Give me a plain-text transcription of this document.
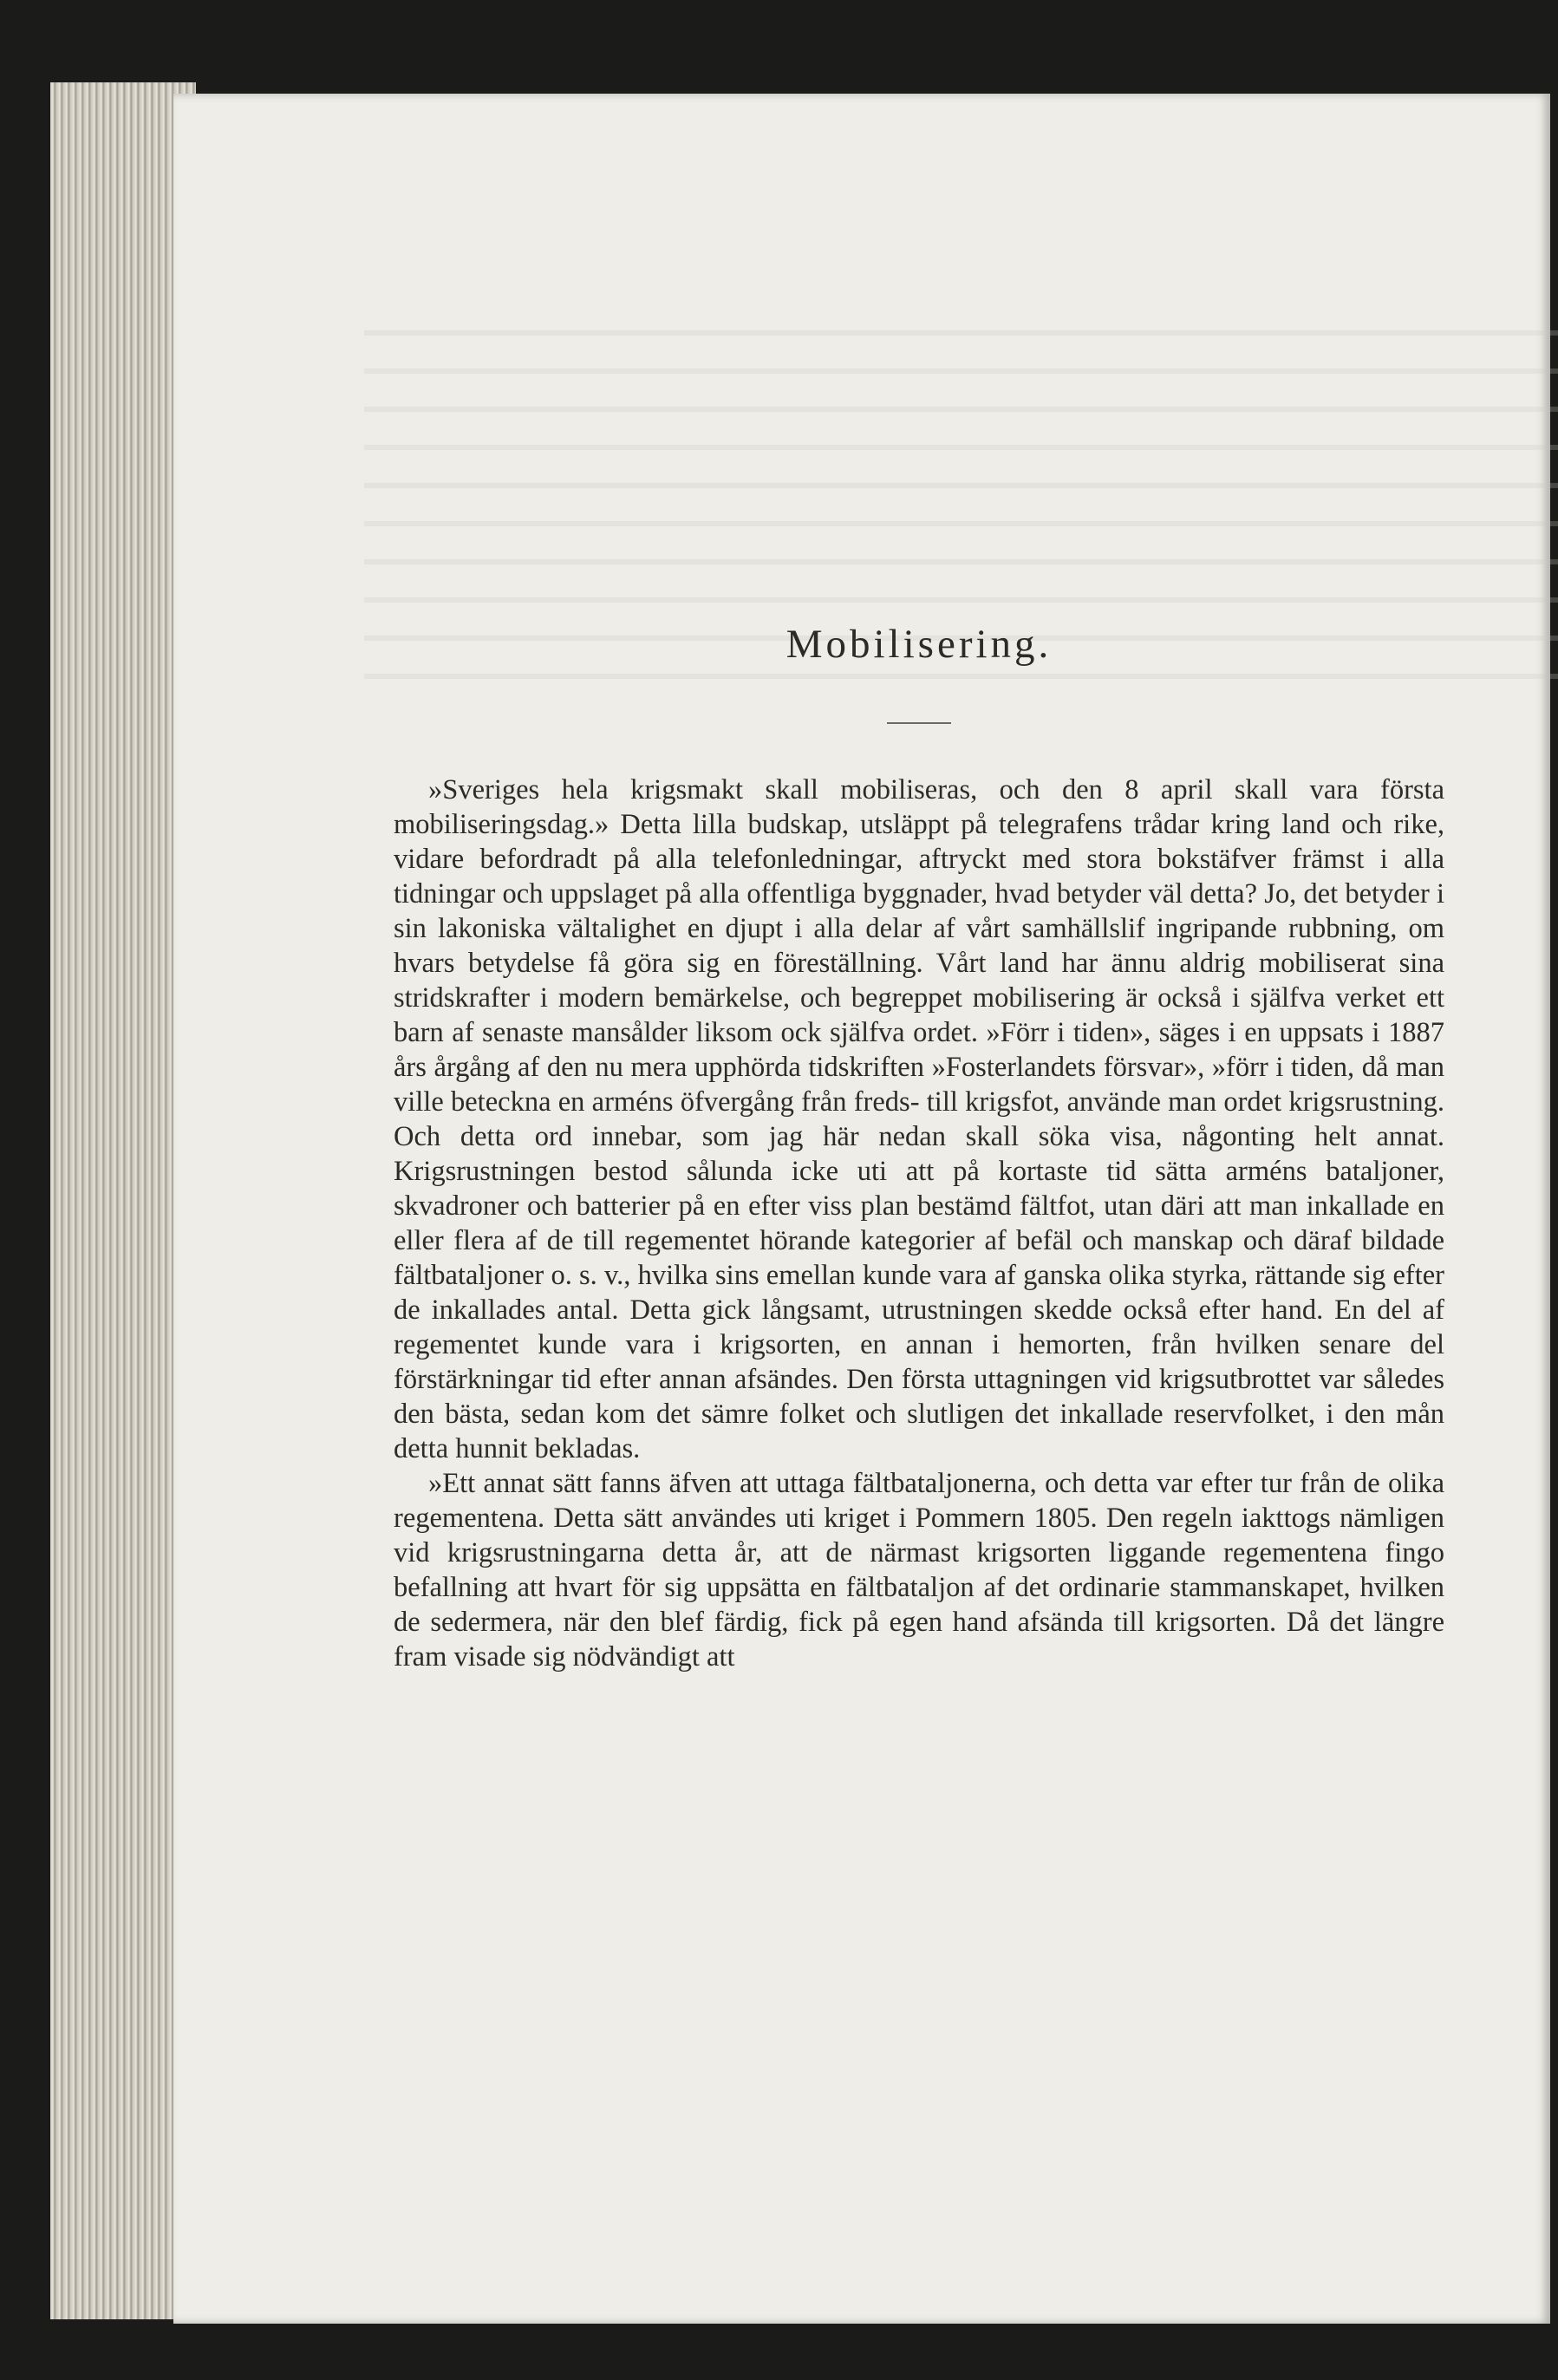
Mobilisering.

»Sveriges hela krigsmakt skall mobiliseras, och den 8 april skall vara första mobiliseringsdag.» Detta lilla budskap, utsläppt på telegrafens trådar kring land och rike, vidare befordradt på alla telefonledningar, aftryckt med stora bokstäfver främst i alla tidningar och uppslaget på alla offentliga byggnader, hvad betyder väl detta? Jo, det betyder i sin lakoniska vältalighet en djupt i alla delar af vårt samhällslif ingripande rubbning, om hvars betydelse få göra sig en föreställning. Vårt land har ännu aldrig mobiliserat sina stridskrafter i modern bemärkelse, och begreppet mobilisering är också i själfva verket ett barn af senaste mansålder liksom ock själfva ordet. »Förr i tiden», säges i en uppsats i 1887 års årgång af den nu mera upphörda tidskriften »Fosterlandets försvar», »förr i tiden, då man ville beteckna en arméns öfvergång från freds- till krigsfot, använde man ordet krigsrustning. Och detta ord innebar, som jag här nedan skall söka visa, någonting helt annat. Krigsrustningen bestod sålunda icke uti att på kortaste tid sätta arméns bataljoner, skvadroner och batterier på en efter viss plan bestämd fältfot, utan däri att man inkallade en eller flera af de till regementet hörande kategorier af befäl och manskap och däraf bildade fältbataljoner o. s. v., hvilka sins emellan kunde vara af ganska olika styrka, rättande sig efter de inkallades antal. Detta gick långsamt, utrustningen skedde också efter hand. En del af regementet kunde vara i krigsorten, en annan i hemorten, från hvilken senare del förstärkningar tid efter annan afsändes. Den första uttagningen vid krigsutbrottet var således den bästa, sedan kom det sämre folket och slutligen det inkallade reservfolket, i den mån detta hunnit bekladas.

»Ett annat sätt fanns äfven att uttaga fältbataljonerna, och detta var efter tur från de olika regementena. Detta sätt användes uti kriget i Pommern 1805. Den regeln iakttogs nämligen vid krigsrustningarna detta år, att de närmast krigsorten liggande regementena fingo befallning att hvart för sig uppsätta en fältbataljon af det ordinarie stammanskapet, hvilken de sedermera, när den blef färdig, fick på egen hand afsända till krigsorten. Då det längre fram visade sig nödvändigt att
